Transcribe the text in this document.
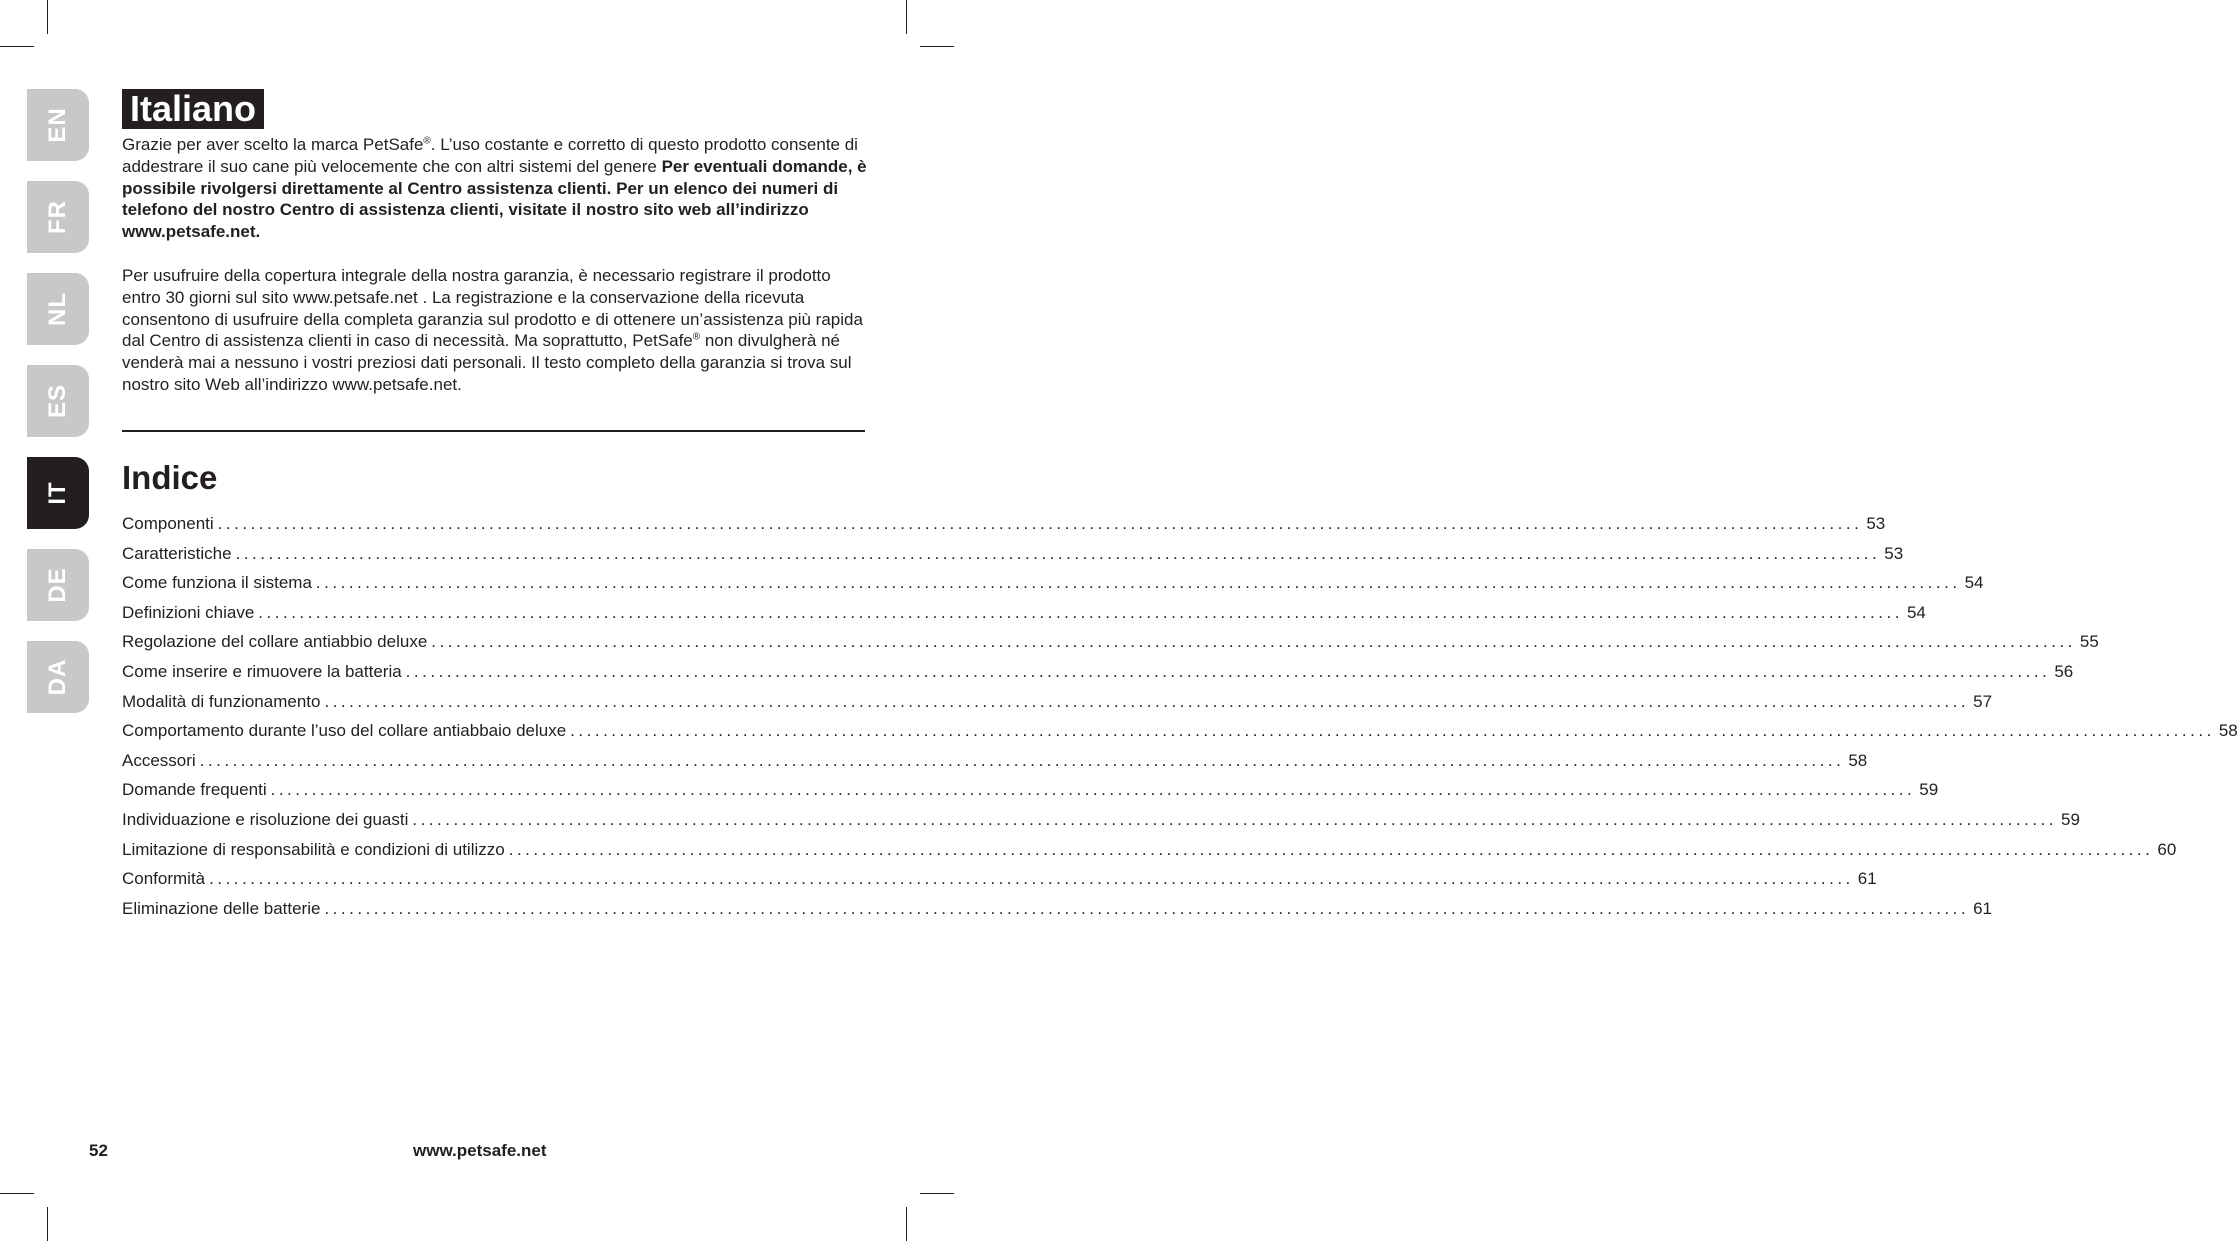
EN
FR
NL
ES
IT
DE
DA
Italiano

Grazie per aver scelto la marca PetSafe®. L’uso costante e corretto di questo prodotto consente di addestrare il suo cane più velocemente che con altri sistemi del genere Per eventuali domande, è possibile rivolgersi direttamente al Centro assistenza clienti. Per un elenco dei numeri di telefono del nostro Centro di assistenza clienti, visitate il nostro sito web all’indirizzo www.petsafe.net.

Per usufruire della copertura integrale della nostra garanzia, è necessario registrare il prodotto entro 30 giorni sul sito www.petsafe.net . La registrazione e la conservazione della ricevuta consentono di usufruire della completa garanzia sul prodotto e di ottenere un’assistenza più rapida dal Centro di assistenza clienti in caso di necessità. Ma soprattutto, PetSafe® non divulgherà né venderà mai a nessuno i vostri preziosi dati personali. Il testo completo della garanzia si trova sul nostro sito Web all’indirizzo www.petsafe.net.

Indice
Componenti ........................................................................................................................................................................................................ 53
Caratteristiche ........................................................................................................................................................................................................ 53
Come funziona il sistema ........................................................................................................................................................................................................ 54
Definizioni chiave ........................................................................................................................................................................................................ 54
Regolazione del collare antiabbio deluxe ........................................................................................................................................................................................................ 55
Come inserire e rimuovere la batteria ........................................................................................................................................................................................................ 56
Modalità di funzionamento ........................................................................................................................................................................................................ 57
Comportamento durante l’uso del collare antiabbaio deluxe ........................................................................................................................................................................................................ 58
Accessori ........................................................................................................................................................................................................ 58
Domande frequenti ........................................................................................................................................................................................................ 59
Individuazione e risoluzione dei guasti ........................................................................................................................................................................................................ 59
Limitazione di responsabilità e condizioni di utilizzo ........................................................................................................................................................................................................ 60
Conformità ........................................................................................................................................................................................................ 61
Eliminazione delle batterie ........................................................................................................................................................................................................ 61
52	www.petsafe.net
